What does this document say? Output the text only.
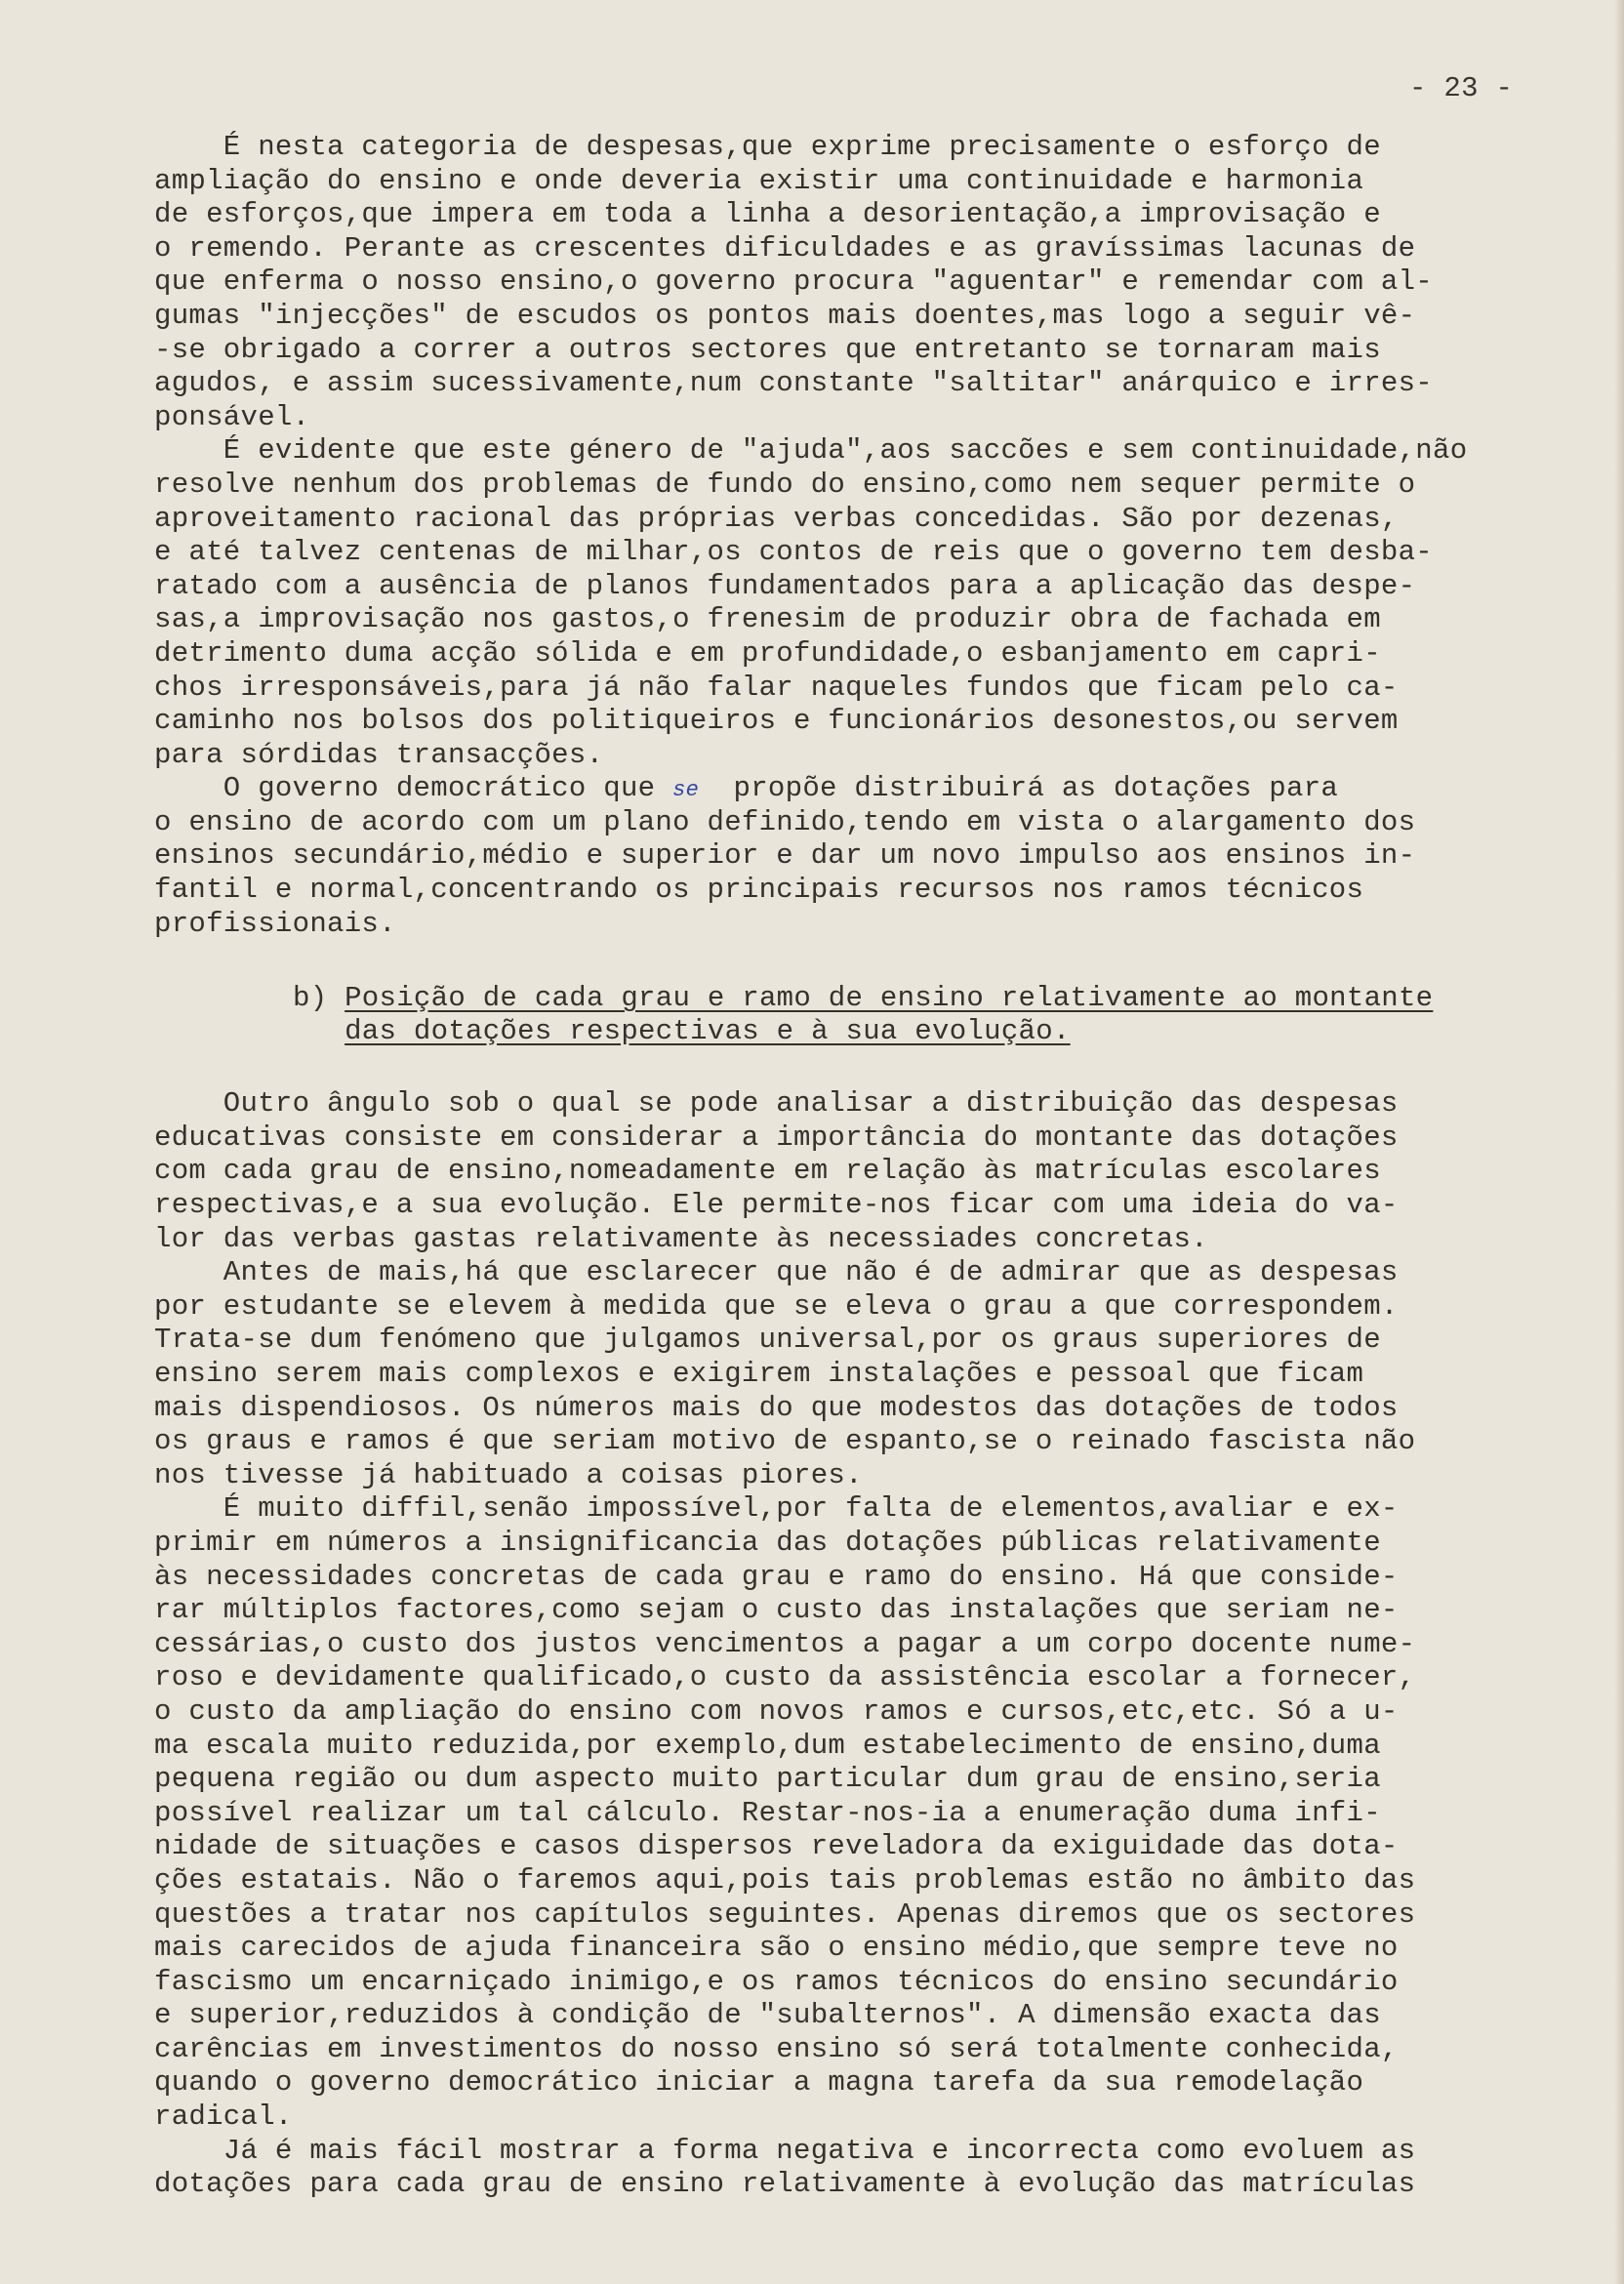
- 23 -
É nesta categoria de despesas,que exprime precisamente o esforço de
ampliação do ensino e onde deveria existir uma continuidade e harmonia
de esforços,que impera em toda a linha a desorientação,a improvisação e
o remendo. Perante as crescentes dificuldades e as gravíssimas lacunas de
que enferma o nosso ensino,o governo procura "aguentar" e remendar com al-
gumas "injecções" de escudos os pontos mais doentes,mas logo a seguir vê-
-se obrigado a correr a outros sectores que entretanto se tornaram mais
agudos, e assim sucessivamente,num constante "saltitar" anárquico e irres-
ponsável.
É evidente que este género de "ajuda",aos saccões e sem continuidade,não
resolve nenhum dos problemas de fundo do ensino,como nem sequer permite o
aproveitamento racional das próprias verbas concedidas. São por dezenas,
e até talvez centenas de milhar,os contos de reis que o governo tem desba-
ratado com a ausência de planos fundamentados para a aplicação das despe-
sas,a improvisação nos gastos,o frenesim de produzir obra de fachada em
detrimento duma acção sólida e em profundidade,o esbanjamento em capri-
chos irresponsáveis,para já não falar naqueles fundos que ficam pelo ca-
caminho nos bolsos dos politiqueiros e funcionários desonestos,ou servem
para sórdidas transacções.
O governo democrático que se  propõe distribuirá as dotações para
o ensino de acordo com um plano definido,tendo em vista o alargamento dos
ensinos secundário,médio e superior e dar um novo impulso aos ensinos in-
fantil e normal,concentrando os principais recursos nos ramos técnicos
profissionais.
b) Posição de cada grau e ramo de ensino relativamente ao montante
das dotações respectivas e à sua evolução.
Outro ângulo sob o qual se pode analisar a distribuição das despesas
educativas consiste em considerar a importância do montante das dotações
com cada grau de ensino,nomeadamente em relação às matrículas escolares
respectivas,e a sua evolução. Ele permite-nos ficar com uma ideia do va-
lor das verbas gastas relativamente às necessiades concretas.
Antes de mais,há que esclarecer que não é de admirar que as despesas
por estudante se elevem à medida que se eleva o grau a que correspondem.
Trata-se dum fenómeno que julgamos universal,por os graus superiores de
ensino serem mais complexos e exigirem instalações e pessoal que ficam
mais dispendiosos. Os números mais do que modestos das dotações de todos
os graus e ramos é que seriam motivo de espanto,se o reinado fascista não
nos tivesse já habituado a coisas piores.
É muito diffil,senão impossível,por falta de elementos,avaliar e ex-
primir em números a insignificancia das dotações públicas relativamente
às necessidades concretas de cada grau e ramo do ensino. Há que conside-
rar múltiplos factores,como sejam o custo das instalações que seriam ne-
cessárias,o custo dos justos vencimentos a pagar a um corpo docente nume-
roso e devidamente qualificado,o custo da assistência escolar a fornecer,
o custo da ampliação do ensino com novos ramos e cursos,etc,etc. Só a u-
ma escala muito reduzida,por exemplo,dum estabelecimento de ensino,duma
pequena região ou dum aspecto muito particular dum grau de ensino,seria
possível realizar um tal cálculo. Restar-nos-ia a enumeração duma infi-
nidade de situações e casos dispersos reveladora da exiguidade das dota-
ções estatais. Não o faremos aqui,pois tais problemas estão no âmbito das
questões a tratar nos capítulos seguintes. Apenas diremos que os sectores
mais carecidos de ajuda financeira são o ensino médio,que sempre teve no
fascismo um encarniçado inimigo,e os ramos técnicos do ensino secundário
e superior,reduzidos à condição de "subalternos". A dimensão exacta das
carências em investimentos do nosso ensino só será totalmente conhecida,
quando o governo democrático iniciar a magna tarefa da sua remodelação
radical.
Já é mais fácil mostrar a forma negativa e incorrecta como evoluem as
dotações para cada grau de ensino relativamente à evolução das matrículas
